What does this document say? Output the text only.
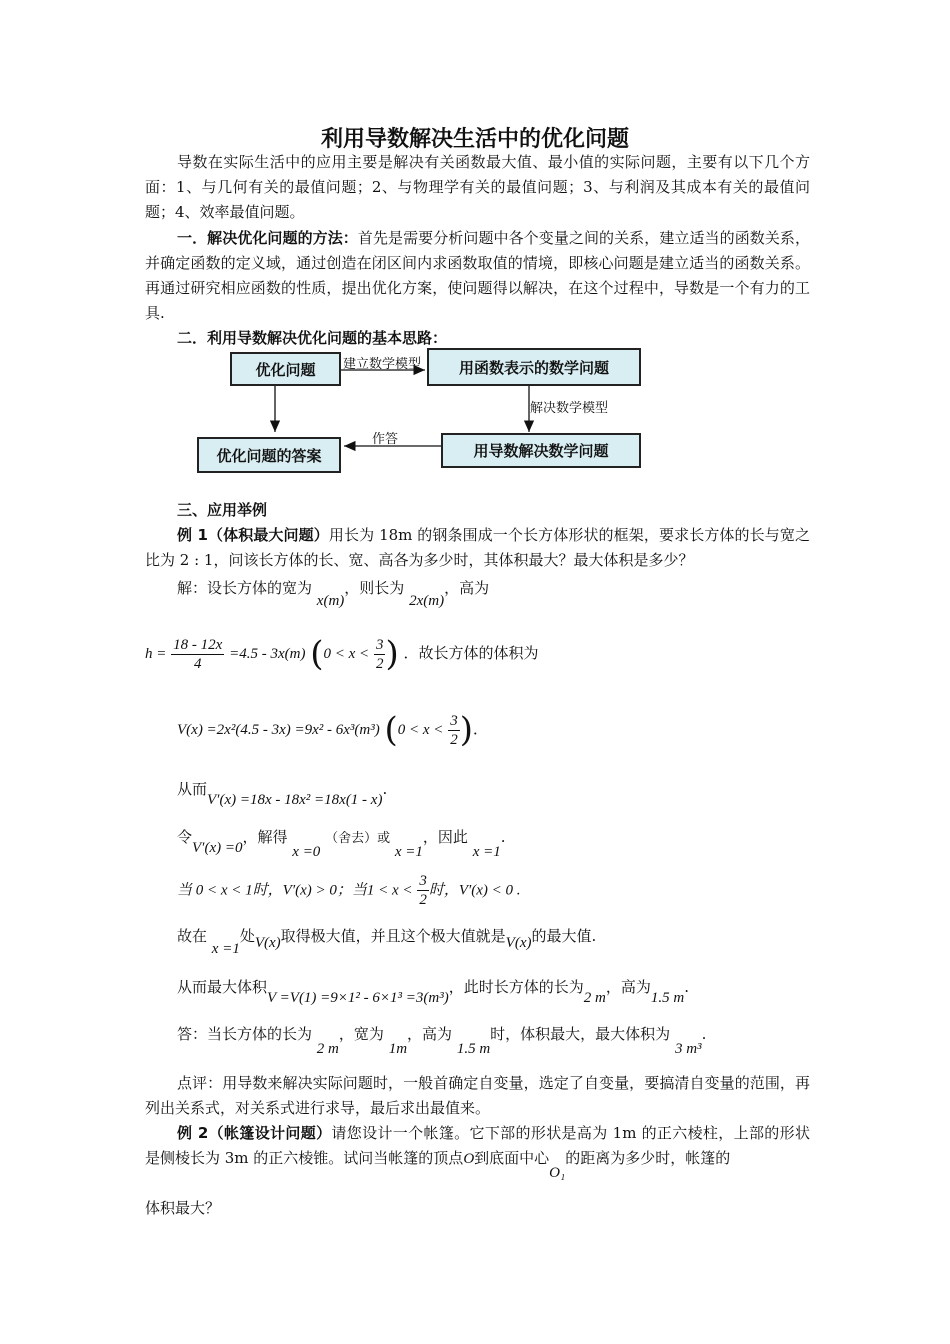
利用导数解决生活中的优化问题
导数在实际生活中的应用主要是解决有关函数最大值、最小值的实际问题，主要有以下几个方面：1、与几何有关的最值问题；2、与物理学有关的最值问题；3、与利润及其成本有关的最值问题；4、效率最值问题。
一．解决优化问题的方法：首先是需要分析问题中各个变量之间的关系，建立适当的函数关系，并确定函数的定义域，通过创造在闭区间内求函数取值的情境，即核心问题是建立适当的函数关系。再通过研究相应函数的性质，提出优化方案，使问题得以解决，在这个过程中，导数是一个有力的工具.
二．利用导数解决优化问题的基本思路：
优化问题	用函数表示的数学问题
用导数解决数学问题
优化问题的答案
建立数学模型
解决数学模型
作答
三、应用举例
例 1（体积最大问题）用长为 18m 的钢条围成一个长方体形状的框架，要求长方体的长与宽之比为 2 : 1，问该长方体的长、宽、高各为多少时，其体积最大？最大体积是多少？
解：设长方体的宽为 x(m)，则长为 2x(m)，高为
$h = \frac{18 - 12x}{4} =4.5 - 3x(m) (0 < x < \frac{3}{2}$ ) ．故长方体的体积为
V(x) =2x²(4.5 - 3x) =9x² - 6x³(m³) ($0 < x < \frac{3}{2}$ )．
从而V′(x) =18x - 18x² =18x(1 - x).
令V′(x) =0，解得 x =0 （舍去）或 x =1，因此 x =1.
当 0 < x < 1时，V′(x) > 0；当$1 < x < \frac{3}{2}$ 时，V′(x) < 0 .
故在 x =1处V(x)取得极大值，并且这个极大值就是V(x)的最大值.
从而最大体积V =V(1) =9×1² - 6×1³ =3(m³)，此时长方体的长为2 m，高为1.5 m.
答：当长方体的长为 2 m，宽为 1m，高为 1.5 m时，体积最大，最大体积为 3 m³.
点评：用导数来解决实际问题时，一般首确定自变量，选定了自变量，要搞清自变量的范围，再列出关系式，对关系式进行求导，最后求出最值来。
例 2（帐篷设计问题）请您设计一个帐篷。它下部的形状是高为 1m 的正六棱柱，上部的形状是侧棱长为 3m 的正六棱锥。试问当帐篷的顶点O到底面中心O₁的距离为多少时，帐篷的
体积最大？
